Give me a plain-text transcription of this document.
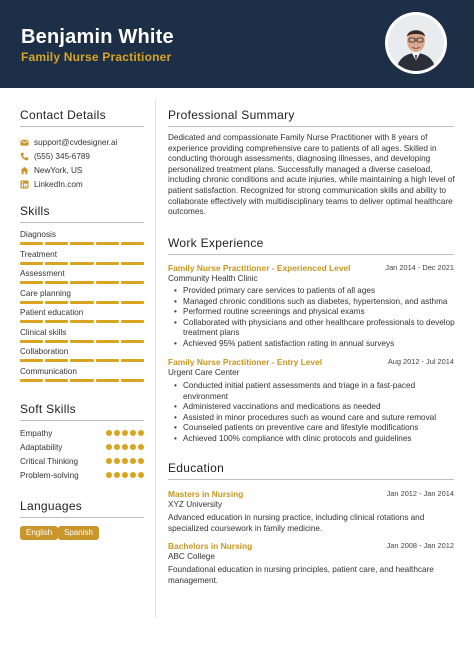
Benjamin White
Family Nurse Practitioner
Contact Details
support@cvdesigner.ai
(555) 345-6789
NewYork, US
LinkedIn.com
Skills
Diagnosis
Treatment
Assessment
Care planning
Patient education
Clinical skills
Collaboration
Communication
Soft Skills
Empathy
Adaptability
Critical Thinking
Problem-solving
Languages
English	Spanish
Professional Summary
Dedicated and compassionate Family Nurse Practitioner with 8 years of experience providing comprehensive care to patients of all ages. Skilled in conducting thorough assessments, diagnosing illnesses, and developing personalized treatment plans. Successfully managed a diverse caseload, including chronic conditions and acute injuries, while maintaining a high level of patient satisfaction. Recognized for strong communication skills and ability to collaborate effectively with multidisciplinary teams to deliver optimal healthcare outcomes.
Work Experience
Family Nurse Practitioner - Experienced Level	Jan 2014 - Dec 2021
Community Health Clinic
• Provided primary care services to patients of all ages
• Managed chronic conditions such as diabetes, hypertension, and asthma
• Performed routine screenings and physical exams
• Collaborated with physicians and other healthcare professionals to develop treatment plans
• Achieved 95% patient satisfaction rating in annual surveys
Family Nurse Practitioner - Entry Level	Aug 2012 - Jul 2014
Urgent Care Center
• Conducted initial patient assessments and triage in a fast-paced environment
• Administered vaccinations and medications as needed
• Assisted in minor procedures such as wound care and suture removal
• Counseled patients on preventive care and lifestyle modifications
• Achieved 100% compliance with clinic protocols and guidelines
Education
Masters in Nursing	Jan 2012 - Jan 2014
XYZ University
Advanced education in nursing practice, including clinical rotations and specialized coursework in family medicine.
Bachelors in Nursing	Jan 2008 - Jan 2012
ABC College
Foundational education in nursing principles, patient care, and healthcare management.
